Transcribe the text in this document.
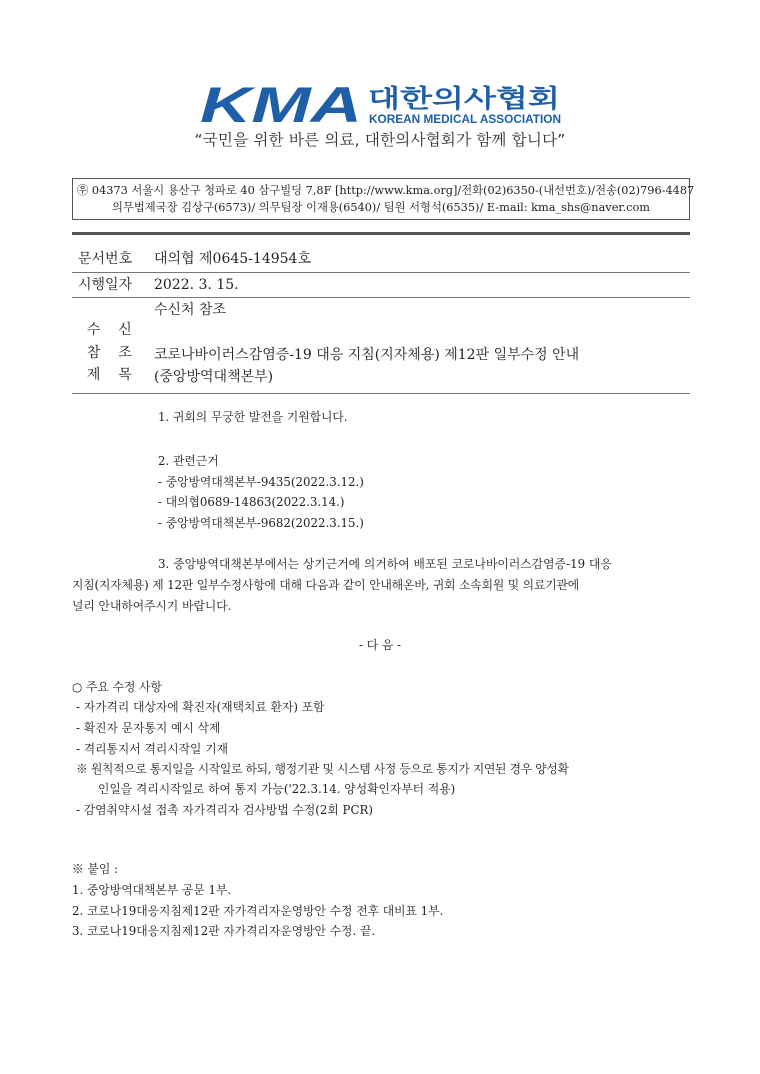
KMA 대한의사협회
KOREAN MEDICAL ASSOCIATION
“국민을 위한 바른 의료, 대한의사협회가 함께 합니다”
㉾ 04373 서울시 용산구 청파로 40 삼구빌딩 7,8F [http://www.kma.org]/전화(02)6350-(내선번호)/전송(02)796-4487
의무법제국장 김상구(6573)/ 의무팀장 이재용(6540)/ 팀원 서형석(6535)/ E-mail: kma_shs@naver.com
문서번호 대의협 제0645-14954호
시행일자 2022. 3. 15.

수    신

수신처 참조

참    조

제    목

코로나바이러스감염증-19 대응 지침(지자체용) 제12판 일부수정 안내

(중앙방역대책본부)
1. 귀회의 무궁한 발전을 기원합니다.
2. 관련근거
- 중앙방역대책본부-9435(2022.3.12.)
- 대의협0689-14863(2022.3.14.)
- 중앙방역대책본부-9682(2022.3.15.)
3. 중앙방역대책본부에서는 상기근거에 의거하여 배포된 코로나바이러스감염증-19 대응
지침(지자체용) 제 12판 일부수정사항에 대해 다음과 같이 안내해온바, 귀회 소속회원 및 의료기관에
널리 안내하여주시기 바랍니다.
- 다 음 -
○ 주요 수정 사항
- 자가격리 대상자에 확진자(재택치료 환자) 포함
- 확진자 문자통지 예시 삭제
- 격리통지서 격리시작일 기재
※ 원칙적으로 통지일을 시작일로 하되, 행정기관 및 시스템 사정 등으로 통지가 지연된 경우 양성확
인일을 격리시작일로 하여 통지 가능('22.3.14. 양성확인자부터 적용)
- 감염취약시설 접촉 자가격리자 검사방법 수정(2회 PCR)
※ 붙임 :
1. 중앙방역대책본부 공문 1부.
2. 코로나19대응지침제12판 자가격리자운영방안 수정 전후 대비표 1부.
3. 코로나19대응지침제12판 자가격리자운영방안 수정. 끝.
